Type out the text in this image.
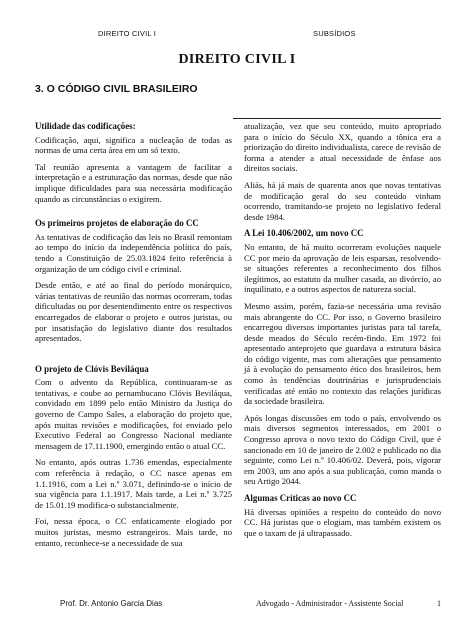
DIREITO CIVIL I	SUBSÍDIOS
DIREITO CIVIL I
3. O CÓDIGO CIVIL BRASILEIRO
Utilidade das codificações:

Codificação, aqui, significa a nucleação de todas as normas de uma certa área em um só texto.

Tal reunião apresenta a vantagem de facilitar a interpretação e a estruturação das normas, desde que não implique dificuldades para sua necessária modificação quando as circunstâncias o exigirem.

Os primeiros projetos de elaboração do CC

As tentativas de codificação das leis no Brasil remontam ao tempo do início da independência política do país, tendo a Constituição de 25.03.1824 feito referência à organização de um código civil e criminal.

Desde então, e até ao final do período monárquico, várias tentativas de reunião das normas ocorreram, todas dificultadas ou por desentendimento entre os respectivos encarregados de elaborar o projeto e outros juristas, ou por insatisfação do legislativo diante dos resultados apresentados.

O projeto de Clóvis Beviláqua

Com o advento da República, continuaram-se as tentativas, e coube ao pernambucano Clóvis Beviláqua, convidado em 1899 pelo então Ministro da Justiça do governo de Campo Sales, a elaboração do projeto que, após muitas revisões e modificações, foi enviado pelo Executivo Federal ao Congresso Nacional mediante mensagem de 17.11.1900, emergindo então o atual CC.

No entanto, após outras 1.736 emendas, especialmente com referência à redação, o CC nasce apenas em 1.1.1916, com a Lei n.º 3.071, definindo-se o início de sua vigência para 1.1.1917. Mais tarde, a Lei n.º 3.725 de 15.01.19 modifica-o substancialmente.

Foi, nessa época, o CC enfaticamente elogiado por muitos juristas, mesmo estrangeiros. Mais tarde, no entanto, reconhece-se a necessidade de sua

atualização, vez que seu conteúdo, muito apropriado para o início do Século XX, quando a tônica era a priorização do direito individualista, carece de revisão de forma a atender a atual necessidade de ênfase aos direitos sociais.

Aliás, há já mais de quarenta anos que novas tentativas de modificação geral do seu conteúdo vinham ocorrendo, tramitando-se projeto no legislativo federal desde 1984.

A Lei 10.406/2002, um novo CC

No entanto, de há muito ocorreram evoluções naquele CC por meio da aprovação de leis esparsas, resolvendo-se situações referentes a reconhecimento dos filhos ilegítimos, ao estatuto da mulher casada, ao divórcio, ao inquilinato, e a outros aspectos de natureza social.

Mesmo assim, porém, fazia-se necessária uma revisão mais abrangente do CC. Por isso, o Governo brasileiro encarregou diversos importantes juristas para tal tarefa, desde meados do Século recém-findo. Em 1972 foi apresentado anteprojeto que guardava a estrutura básica do código vigente, mas com alterações que pensamento já à evolução do pensamento ético dos brasileiros, bem como às tendências doutrinárias e jurisprudenciais verificadas até então no contexto das relações jurídicas da sociedade brasileira.

Após longas discussões em todo o país, envolvendo os mais diversos segmentos interessados, em 2001 o Congresso aprova o novo texto do Código Civil, que é sancionado em 10 de janeiro de 2.002 e publicado no dia seguinte, como Lei n.º 10.406/02. Deverá, pois, vigorar em 2003, um ano após a sua publicação, como manda o seu Artigo 2044.

Algumas Críticas ao novo CC

Há diversas opiniões a respeito do conteúdo do novo CC. Há juristas que o elogiam, mas também existem os que o taxam de já ultrapassado.

Prof. Dr. Antonio Garcia Dias	Advogado - Administrador - Assistente Social	1
